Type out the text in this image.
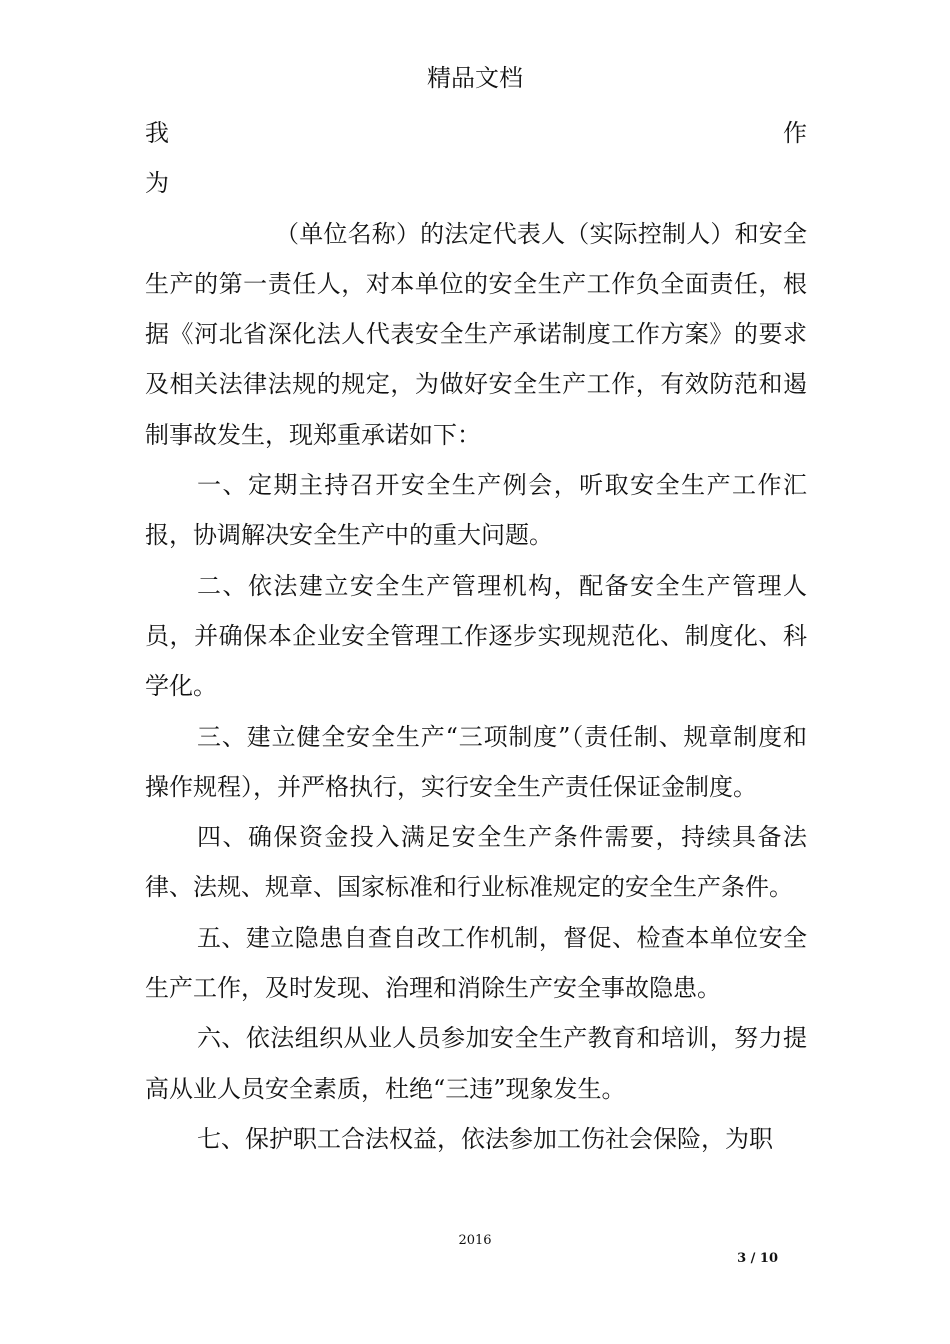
精品文档

我	作

为

（单位名称）的法定代表人（实际控制人）和安全生产的第一责任人，对本单位的安全生产工作负全面责任，根据《河北省深化法人代表安全生产承诺制度工作方案》的要求及相关法律法规的规定，为做好安全生产工作，有效防范和遏制事故发生，现郑重承诺如下：

一、定期主持召开安全生产例会，听取安全生产工作汇报，协调解决安全生产中的重大问题。

二、依法建立安全生产管理机构，配备安全生产管理人员，并确保本企业安全管理工作逐步实现规范化、制度化、科学化。

三、建立健全安全生产“三项制度”（责任制、规章制度和操作规程），并严格执行，实行安全生产责任保证金制度。

四、确保资金投入满足安全生产条件需要，持续具备法律、法规、规章、国家标准和行业标准规定的安全生产条件。

五、建立隐患自查自改工作机制，督促、检查本单位安全生产工作，及时发现、治理和消除生产安全事故隐患。

六、依法组织从业人员参加安全生产教育和培训，努力提高从业人员安全素质，杜绝“三违”现象发生。

七、保护职工合法权益，依法参加工伤社会保险，为职

2016
3 / 10
